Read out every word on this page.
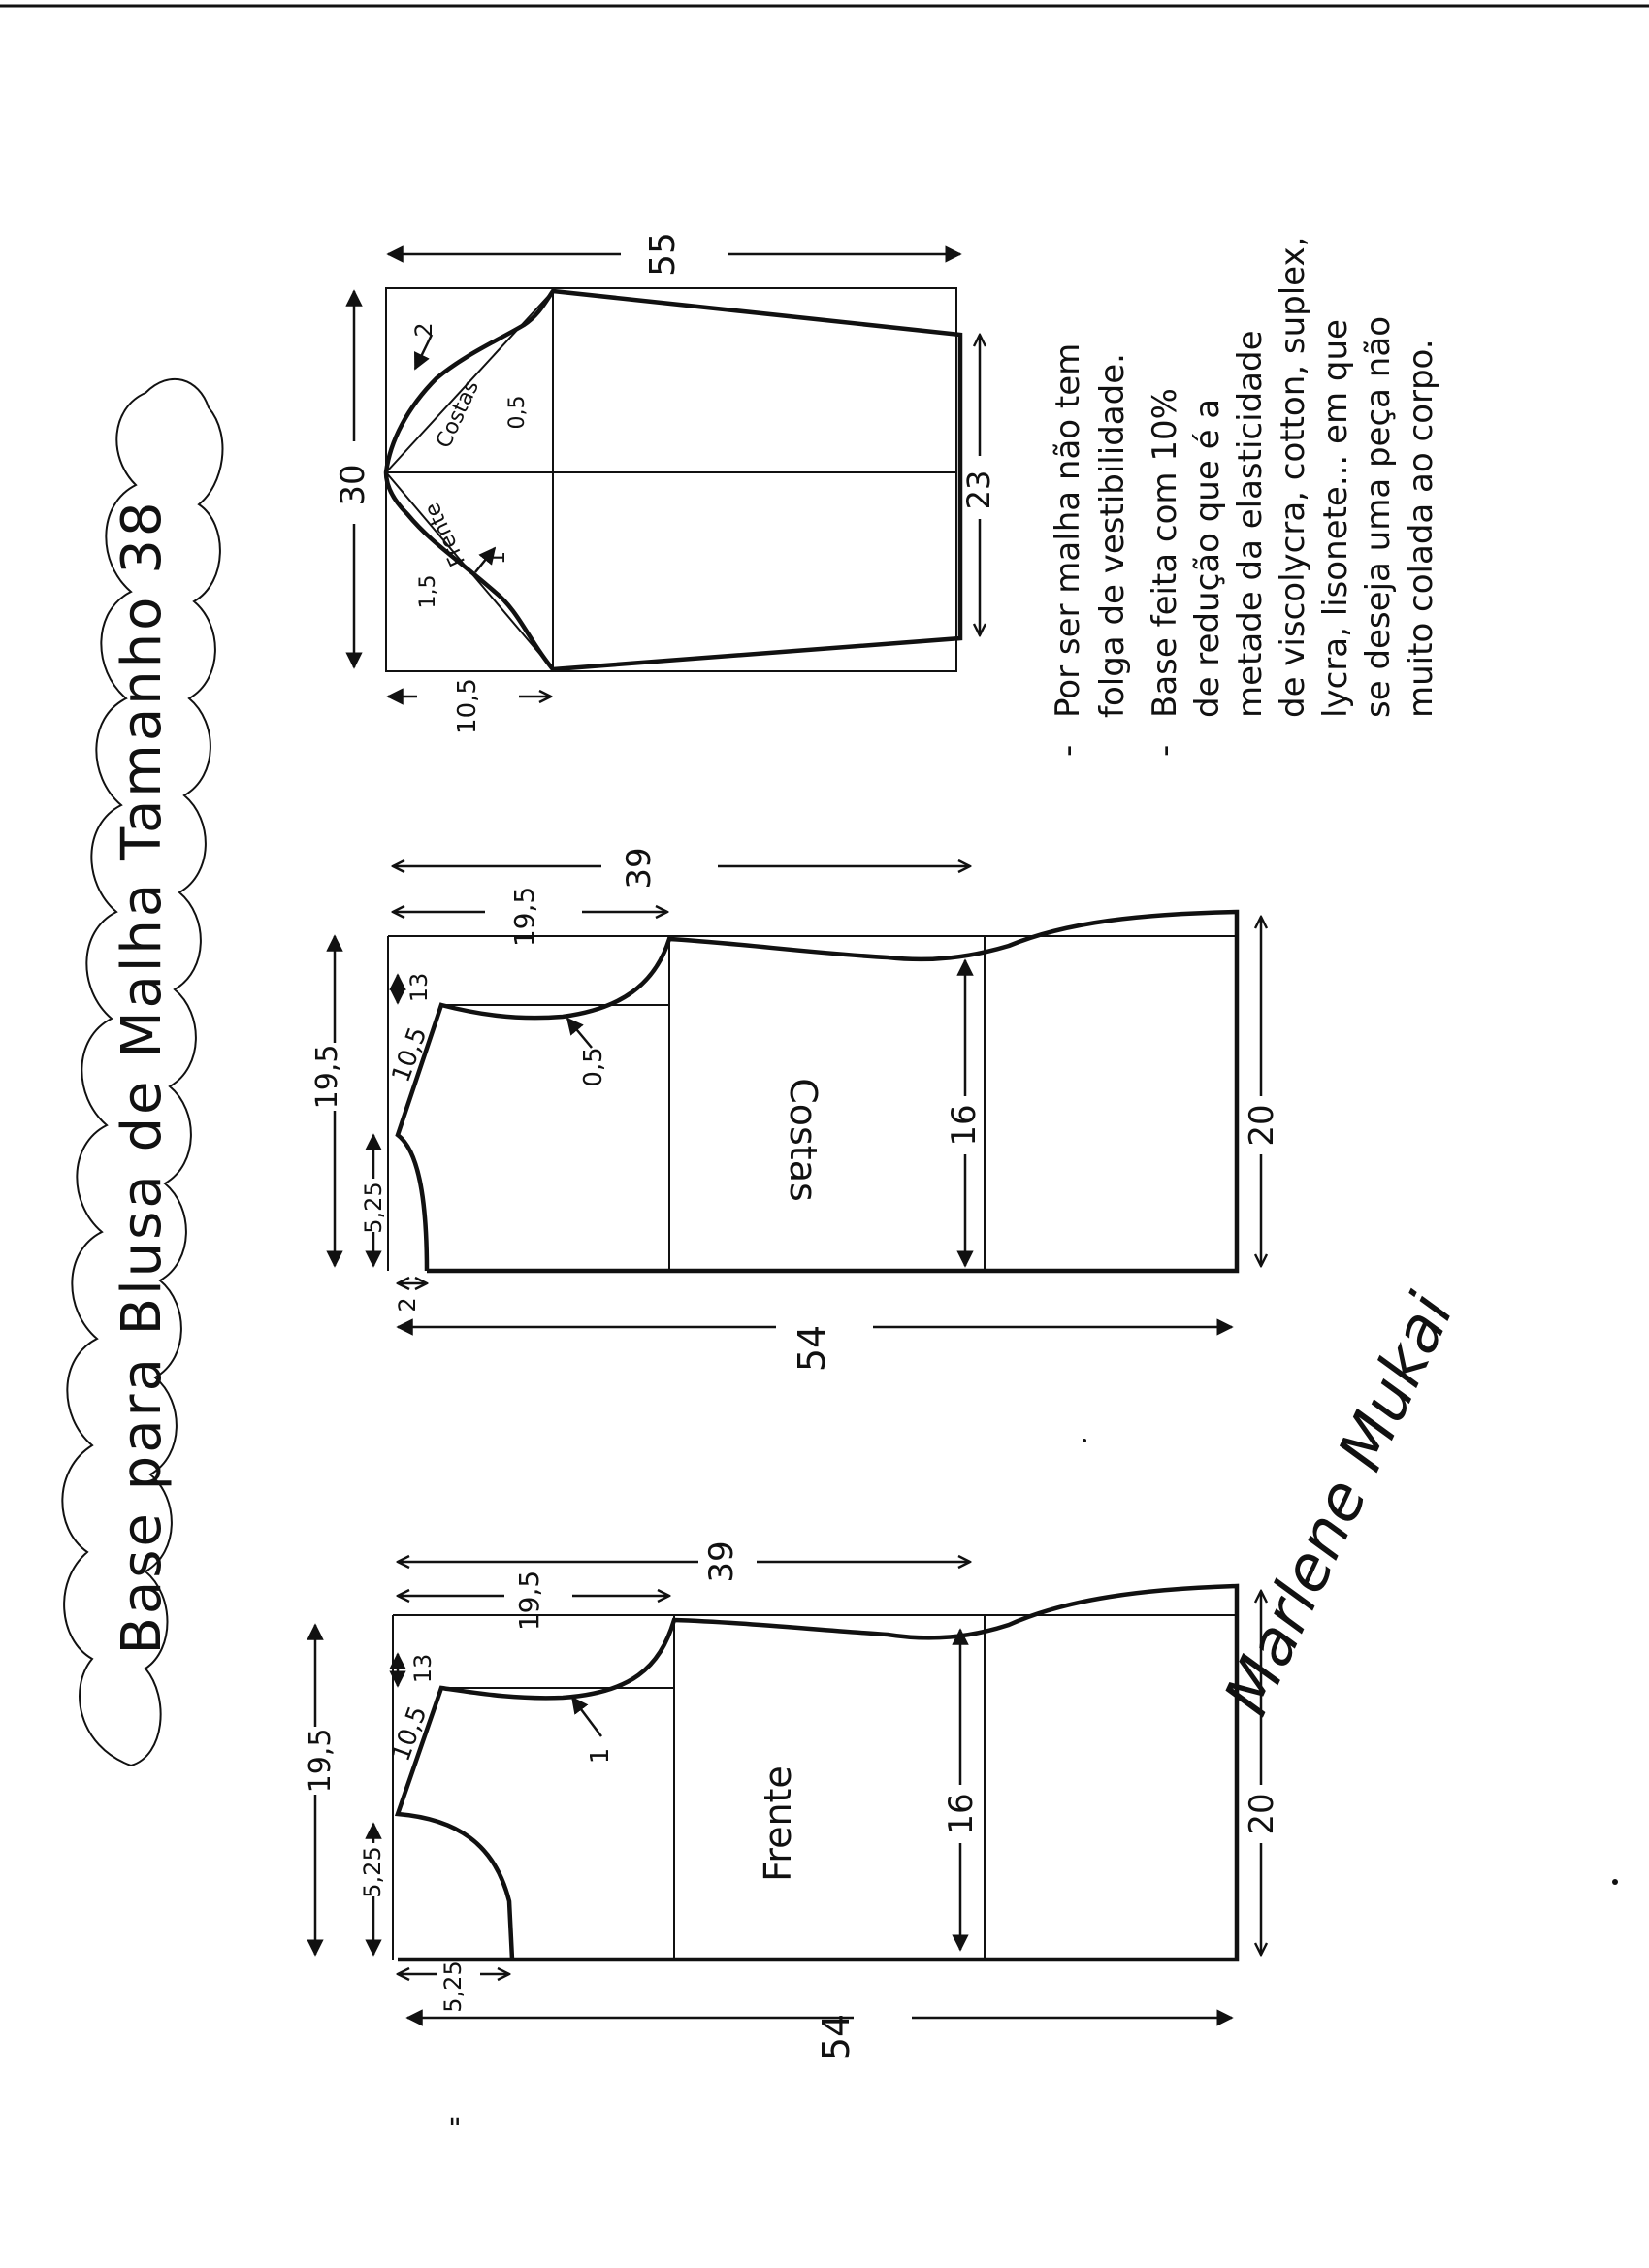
Base para Blusa de Malha Tamanho 38
54
39
19,5
19,5
5,25
5,25
10,5
13
1
Frente	16	20
54
39
19,5
19,5
5,25
2
10,5
13
0,5
Costas	16	20
55
30	23
10,5
Costas
2
0,5
Frente
1,5
1
-
Por ser malha não tem folga de vestibilidade.
-
Base feita com 10% de redução que é a metade da elasticidade de viscolycra, cotton, suplex, lycra, lisonete... em que se deseja uma peça não muito colada ao corpo.
Marlene Mukai
"
